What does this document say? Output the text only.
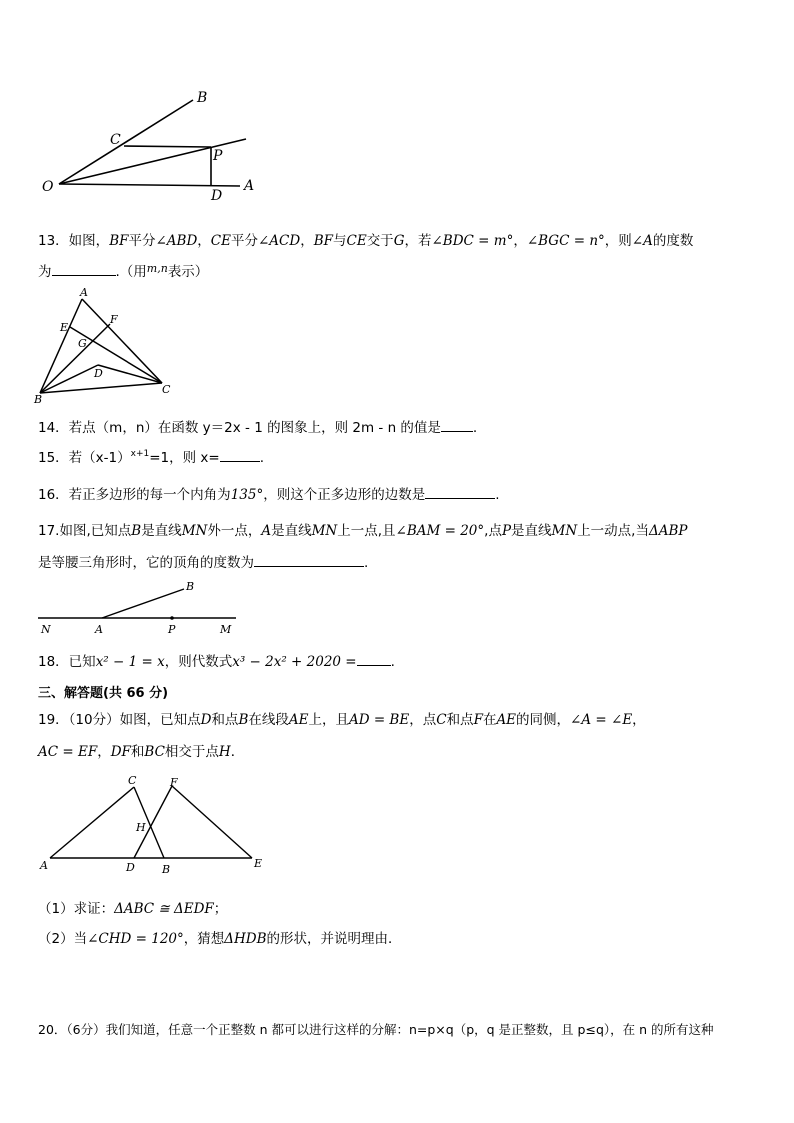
B
C
P
O
D
A
13．如图，BF平分∠ABD，CE平分∠ACD，BF与CE交于G，若∠BDC = m°，∠BGC = n°，则∠A的度数
为	.（用$^{m,n}$表示）
A
E
F
G
D
B
C
14．若点（m，n）在函数 y＝2x - 1 的图象上，则 2m - n 的值是 .
15．若$(x-1)^{x+1}=1$，则 x=	.
16．若正多边形的每一个内角为135°，则这个正多边形的边数是	.
17.如图,已知点B是直线MN外一点，A是直线MN上一点,且∠BAM = 20°,点P是直线MN上一动点,当ΔABP
是等腰三角形时，它的顶角的度数为	.
B
N	A	P	M
18．已知x² − 1 = x，则代数式x³ − 2x² + 2020 =	.
三、解答题(共 66 分)
19．（10分）如图，已知点D和点B在线段AE上，且AD = BE，点C和点F在AE的同侧，∠A = ∠E，
AC = EF，DF和BC相交于点H．
C	F
H
A	D B	E
（1）求证：ΔABC ≅ ΔEDF；
（2）当∠CHD = 120°，猜想ΔHDB的形状，并说明理由．
20．（6分）我们知道，任意一个正整数 n 都可以进行这样的分解：n=p×q（p，q 是正整数，且 p≤q），在 n 的所有这种
